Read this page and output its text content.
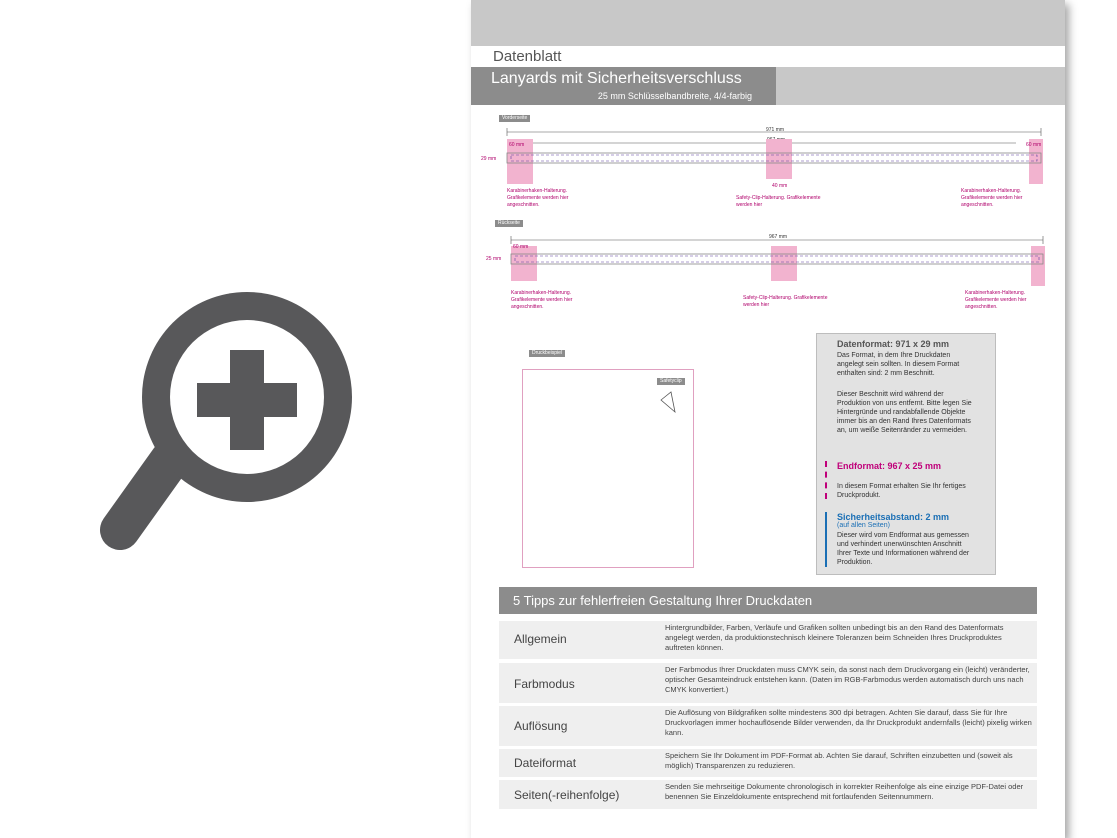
Datenblatt
Lanyards mit Sicherheitsverschluss
25 mm Schlüsselbandbreite, 4/4-farbig
Vorderseite
971 mm
60 mm	60 mm
29 mm
40 mm
Karabinerhaken-Halterung. Grafikelemente werden hier angeschnitten.
Safety-Clip-Halterung. Grafikelemente werden hier
Karabinerhaken-Halterung. Grafikelemente werden hier angeschnitten.
Rückseite
967 mm
60 mm
25 mm
Karabinerhaken-Halterung. Grafikelemente werden hier angeschnitten.
Safety-Clip-Halterung. Grafikelemente werden hier
Karabinerhaken-Halterung. Grafikelemente werden hier angeschnitten.
Druckbeispiel
Safetyclip
Datenformat: 971 x 29 mm
Das Format, in dem Ihre Druckdaten angelegt sein sollten. In diesem Format enthalten sind: 2 mm Beschnitt.
Dieser Beschnitt wird während der Produktion von uns entfernt. Bitte legen Sie Hintergründe und randabfallende Objekte immer bis an den Rand Ihres Datenformats an, um weiße Seitenränder zu vermeiden.
Endformat: 967 x 25 mm
In diesem Format erhalten Sie Ihr fertiges Druckprodukt.
Sicherheitsabstand: 2 mm
(auf allen Seiten)
Dieser wird vom Endformat aus gemessen und verhindert unerwünschten Anschnitt Ihrer Texte und Informationen während der Produktion.
5 Tipps zur fehlerfreien Gestaltung Ihrer Druckdaten
Allgemein
Hintergrundbilder, Farben, Verläufe und Grafiken sollten unbedingt bis an den Rand des Datenformats angelegt werden, da produktionstechnisch kleinere Toleranzen beim Schneiden Ihres Druckproduktes auftreten können.
Farbmodus
Der Farbmodus Ihrer Druckdaten muss CMYK sein, da sonst nach dem Druckvorgang ein (leicht) veränderter, optischer Gesamteindruck entstehen kann. (Daten im RGB-Farbmodus werden automatisch durch uns nach CMYK konvertiert.)
Auflösung
Die Auflösung von Bildgrafiken sollte mindestens 300 dpi betragen. Achten Sie darauf, dass Sie für Ihre Druckvorlagen immer hochauflösende Bilder verwenden, da Ihr Druckprodukt andernfalls (leicht) pixelig wirken kann.
Dateiformat
Speichern Sie Ihr Dokument im PDF-Format ab. Achten Sie darauf, Schriften einzubetten und (soweit als möglich) Transparenzen zu reduzieren.
Seiten(-reihenfolge)
Senden Sie mehrseitige Dokumente chronologisch in korrekter Reihenfolge als eine einzige PDF-Datei oder benennen Sie Einzeldokumente entsprechend mit fortlaufenden Seitennummern.
